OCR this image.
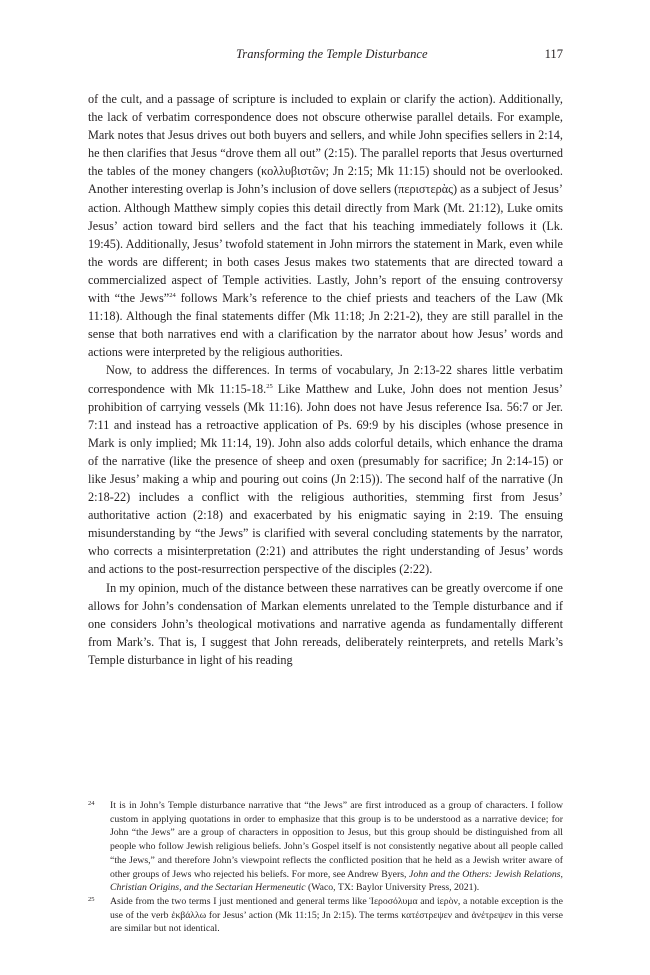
Transforming the Temple Disturbance	117

of the cult, and a passage of scripture is included to explain or clarify the action). Additionally, the lack of verbatim correspondence does not obscure otherwise parallel details. For example, Mark notes that Jesus drives out both buyers and sellers, and while John specifies sellers in 2:14, he then clarifies that Jesus “drove them all out” (2:15). The parallel reports that Jesus overturned the tables of the money changers (κολλυβιστῶν; Jn 2:15; Mk 11:15) should not be overlooked. Another interesting overlap is John’s inclusion of dove sellers (περιστερὰς) as a subject of Jesus’ action. Although Matthew simply copies this detail directly from Mark (Mt. 21:12), Luke omits Jesus’ action toward bird sellers and the fact that his teaching immediately follows it (Lk. 19:45). Additionally, Jesus’ twofold statement in John mirrors the statement in Mark, even while the words are different; in both cases Jesus makes two statements that are directed toward a commercialized aspect of Temple activities. Lastly, John’s report of the ensuing controversy with “the Jews”$^{24}$ follows Mark’s reference to the chief priests and teachers of the Law (Mk 11:18). Although the final statements differ (Mk 11:18; Jn 2:21-2), they are still parallel in the sense that both narratives end with a clarification by the narrator about how Jesus’ words and actions were interpreted by the religious authorities.

Now, to address the differences. In terms of vocabulary, Jn 2:13-22 shares little verbatim correspondence with Mk 11:15-18.25 Like Matthew and Luke, John does not mention Jesus’ prohibition of carrying vessels (Mk 11:16). John does not have Jesus reference Isa. 56:7 or Jer. 7:11 and instead has a retroactive application of Ps. 69:9 by his disciples (whose presence in Mark is only implied; Mk 11:14, 19). John also adds colorful details, which enhance the drama of the narrative (like the presence of sheep and oxen (presumably for sacrifice; Jn 2:14-15) or like Jesus’ making a whip and pouring out coins (Jn 2:15)). The second half of the narrative (Jn 2:18-22) includes a conflict with the religious authorities, stemming first from Jesus’ authoritative action (2:18) and exacerbated by his enigmatic saying in 2:19. The ensuing misunderstanding by “the Jews” is clarified with several concluding statements by the narrator, who corrects a misinterpretation (2:21) and attributes the right understanding of Jesus’ words and actions to the post-resurrection perspective of the disciples (2:22).

In my opinion, much of the distance between these narratives can be greatly overcome if one allows for John’s condensation of Markan elements unrelated to the Temple disturbance and if one considers John’s theological motivations and narrative agenda as fundamentally different from Mark’s. That is, I suggest that John rereads, deliberately reinterprets, and retells Mark’s Temple disturbance in light of his reading

24 It is in John’s Temple disturbance narrative that “the Jews” are first introduced as a group of characters. I follow custom in applying quotations in order to emphasize that this group is to be understood as a narrative device; for John “the Jews” are a group of characters in opposition to Jesus, but this group should be distinguished from all people who follow Jewish religious beliefs. John’s Gospel itself is not consistently negative about all people called “the Jews,” and therefore John’s viewpoint reflects the conflicted position that he held as a Jewish writer aware of other groups of Jews who rejected his beliefs. For more, see Andrew Byers, John and the Others: Jewish Relations, Christian Origins, and the Sectarian Hermeneutic (Waco, TX: Baylor University Press, 2021).
25 Aside from the two terms I just mentioned and general terms like Ἱεροσόλυμα and ἱερὸν, a notable exception is the use of the verb ἐκβάλλω for Jesus’ action (Mk 11:15; Jn 2:15). The terms κατέστρεψεν and ἀνέτρεψεν in this verse are similar but not identical.
